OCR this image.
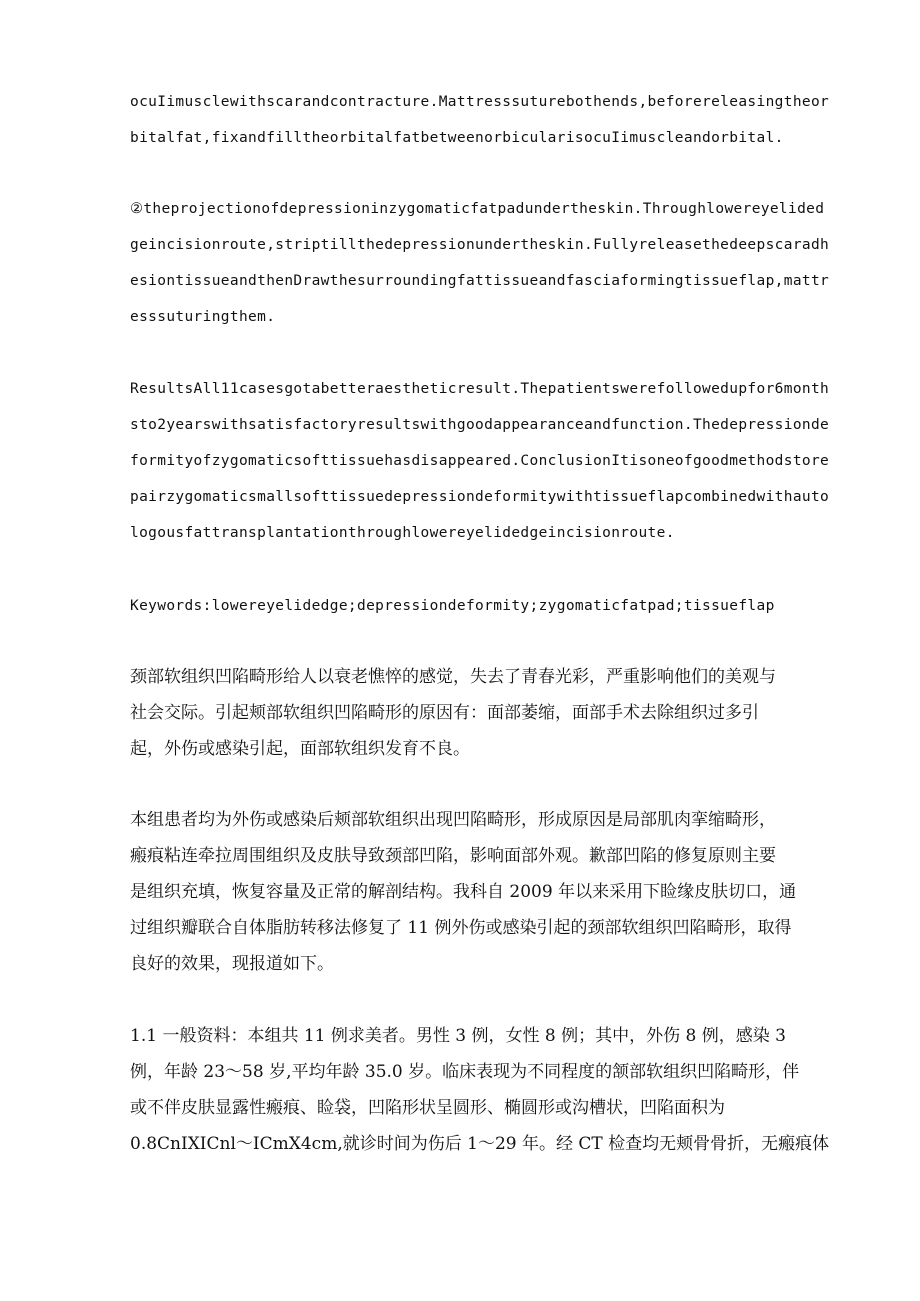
ocuIimusclewithscarandcontracture.Mattresssuturebothends,beforereleasingtheor
bitalfat,fixandfilltheorbitalfatbetweenorbicularisocuIimuscleandorbital.
②theprojectionofdepressioninzygomaticfatpadundertheskin.Throughlowereyelided
geincisionroute,striptillthedepressionundertheskin.Fullyreleasethedeepscaradh
esiontissueandthenDrawthesurroundingfattissueandfasciaformingtissueflap,mattr
esssuturingthem.
ResultsAll11casesgotabetteraestheticresult.Thepatientswerefollowedupfor6month
sto2yearswithsatisfactoryresultswithgoodappearanceandfunction.Thedepressionde
formityofzygomaticsofttissuehasdisappeared.ConclusionItisoneofgoodmethodstore
pairzygomaticsmallsofttissuedepressiondeformitywithtissueflapcombinedwithauto
logousfattransplantationthroughlowereyelidedgeincisionroute.
Keywords:lowereyelidedge;depressiondeformity;zygomaticfatpad;tissueflap
颈部软组织凹陷畸形给人以衰老憔悴的感觉，失去了青春光彩，严重影响他们的美观与
社会交际。引起颊部软组织凹陷畸形的原因有：面部萎缩，面部手术去除组织过多引
起，外伤或感染引起，面部软组织发育不良。
本组患者均为外伤或感染后颊部软组织出现凹陷畸形，形成原因是局部肌肉挛缩畸形，
瘢痕粘连牵拉周围组织及皮肤导致颈部凹陷，影响面部外观。歉部凹陷的修复原则主要
是组织充填，恢复容量及正常的解剖结构。我科自 2009 年以来采用下睑缘皮肤切口，通
过组织瓣联合自体脂肪转移法修复了 11 例外伤或感染引起的颈部软组织凹陷畸形，取得
良好的效果，现报道如下。
1.1 一般资料：本组共 11 例求美者。男性 3 例，女性 8 例；其中，外伤 8 例，感染 3
例，年龄 23～58 岁,平均年龄 35.0 岁。临床表现为不同程度的颔部软组织凹陷畸形，伴
或不伴皮肤显露性瘢痕、睑袋，凹陷形状呈圆形、椭圆形或沟槽状，凹陷面积为
0.8CnIXICnl～ICmX4cm,就诊时间为伤后 1～29 年。经 CT 检查均无颊骨骨折，无瘢痕体
